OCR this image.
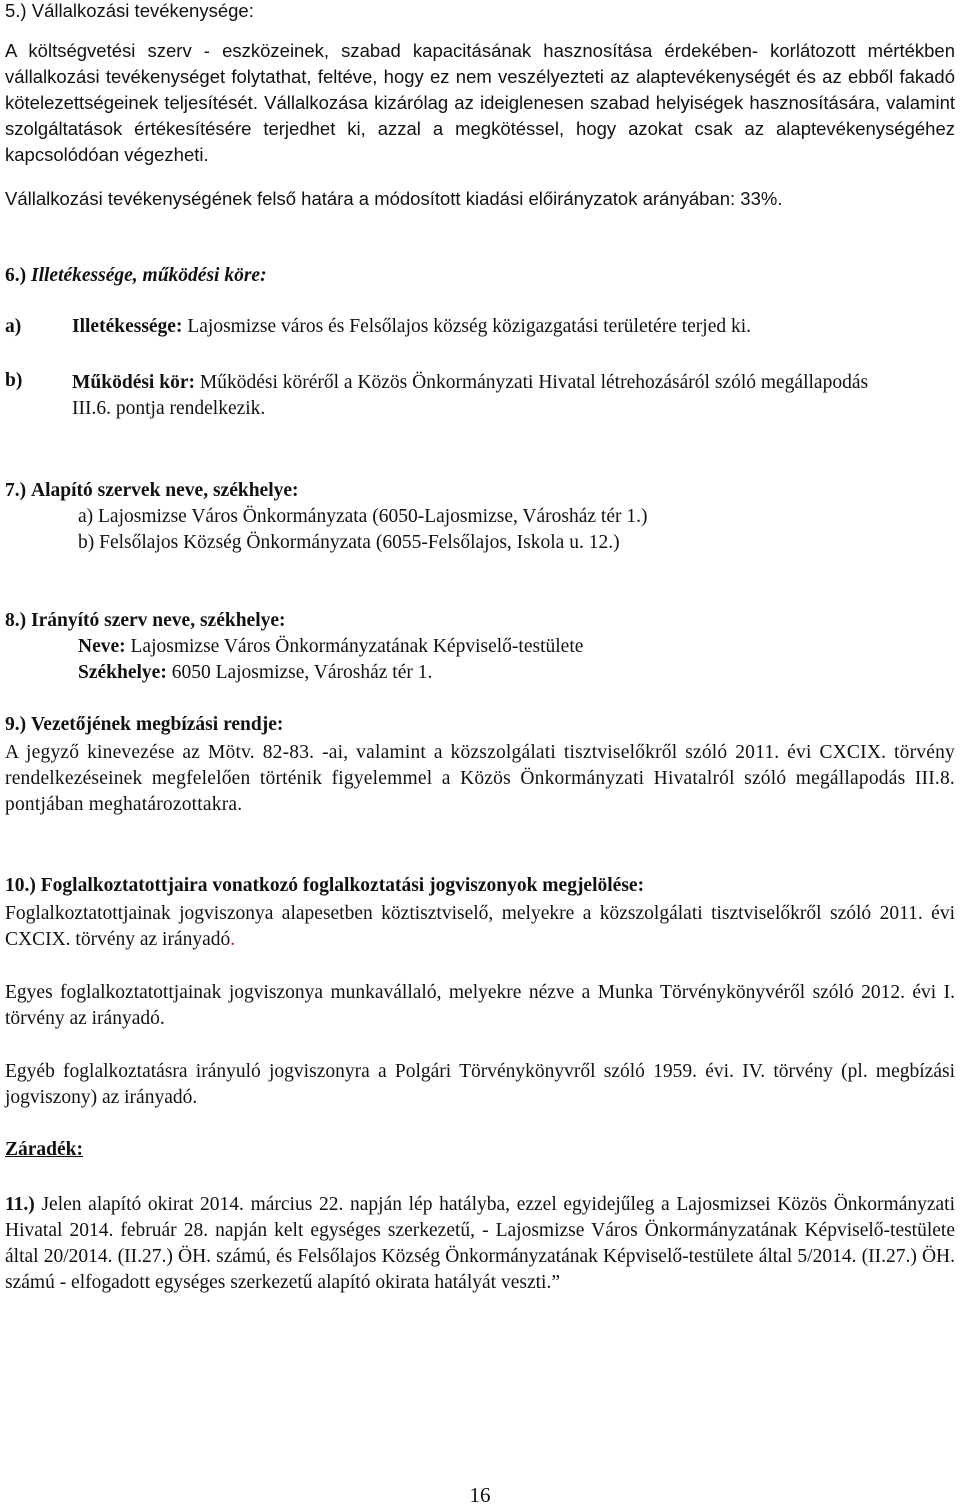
5.) Vállalkozási tevékenysége:
A költségvetési szerv - eszközeinek, szabad kapacitásának hasznosítása érdekében- korlátozott mértékben vállalkozási tevékenységet folytathat, feltéve, hogy ez nem veszélyezteti az alaptevékenységét és az ebből fakadó kötelezettségeinek teljesítését. Vállalkozása kizárólag az ideiglenesen szabad helyiségek hasznosítására, valamint szolgáltatások értékesítésére terjedhet ki, azzal a megkötéssel, hogy azokat csak az alaptevékenységéhez kapcsolódóan végezheti.
Vállalkozási tevékenységének felső határa a módosított kiadási előirányzatok arányában: 33%.
6.) Illetékessége, működési köre:
a)	Illetékessége: Lajosmizse város és Felsőlajos község közigazgatási területére terjed ki.
b)	Működési kör: Működési köréről a Közös Önkormányzati Hivatal létrehozásáról szóló megállapodás III.6. pontja rendelkezik.
7.) Alapító szervek neve, székhelye:
a) Lajosmizse Város Önkormányzata (6050-Lajosmizse, Városház tér 1.)
b) Felsőlajos Község Önkormányzata (6055-Felsőlajos, Iskola u. 12.)
8.) Irányító szerv neve, székhelye:
Neve: Lajosmizse Város Önkormányzatának Képviselő-testülete
Székhelye: 6050 Lajosmizse, Városház tér 1.
9.) Vezetőjének megbízási rendje:
A jegyző kinevezése az Mötv. 82-83. -ai, valamint a közszolgálati tisztviselőkről szóló 2011. évi CXCIX. törvény rendelkezéseinek megfelelően történik figyelemmel a Közös Önkormányzati Hivatalról szóló megállapodás III.8. pontjában meghatározottakra.
10.) Foglalkoztatottjaira vonatkozó foglalkoztatási jogviszonyok megjelölése:
Foglalkoztatottjainak jogviszonya alapesetben köztisztviselő, melyekre a közszolgálati tisztviselőkről szóló 2011. évi CXCIX. törvény az irányadó.
Egyes foglalkoztatottjainak jogviszonya munkavállaló, melyekre nézve a Munka Törvénykönyvéről szóló 2012. évi I. törvény az irányadó.
Egyéb foglalkoztatásra irányuló jogviszonyra a Polgári Törvénykönyvről szóló 1959. évi. IV. törvény (pl. megbízási jogviszony) az irányadó.
Záradék:
11.) Jelen alapító okirat 2014. március 22. napján lép hatályba, ezzel egyidejűleg a Lajosmizsei Közös Önkormányzati Hivatal 2014. február 28. napján kelt egységes szerkezetű, - Lajosmizse Város Önkormányzatának Képviselő-testülete által 20/2014. (II.27.) ÖH. számú, és Felsőlajos Község Önkormányzatának Képviselő-testülete által 5/2014. (II.27.) ÖH. számú - elfogadott egységes szerkezetű alapító okirata hatályát veszti.”
16
